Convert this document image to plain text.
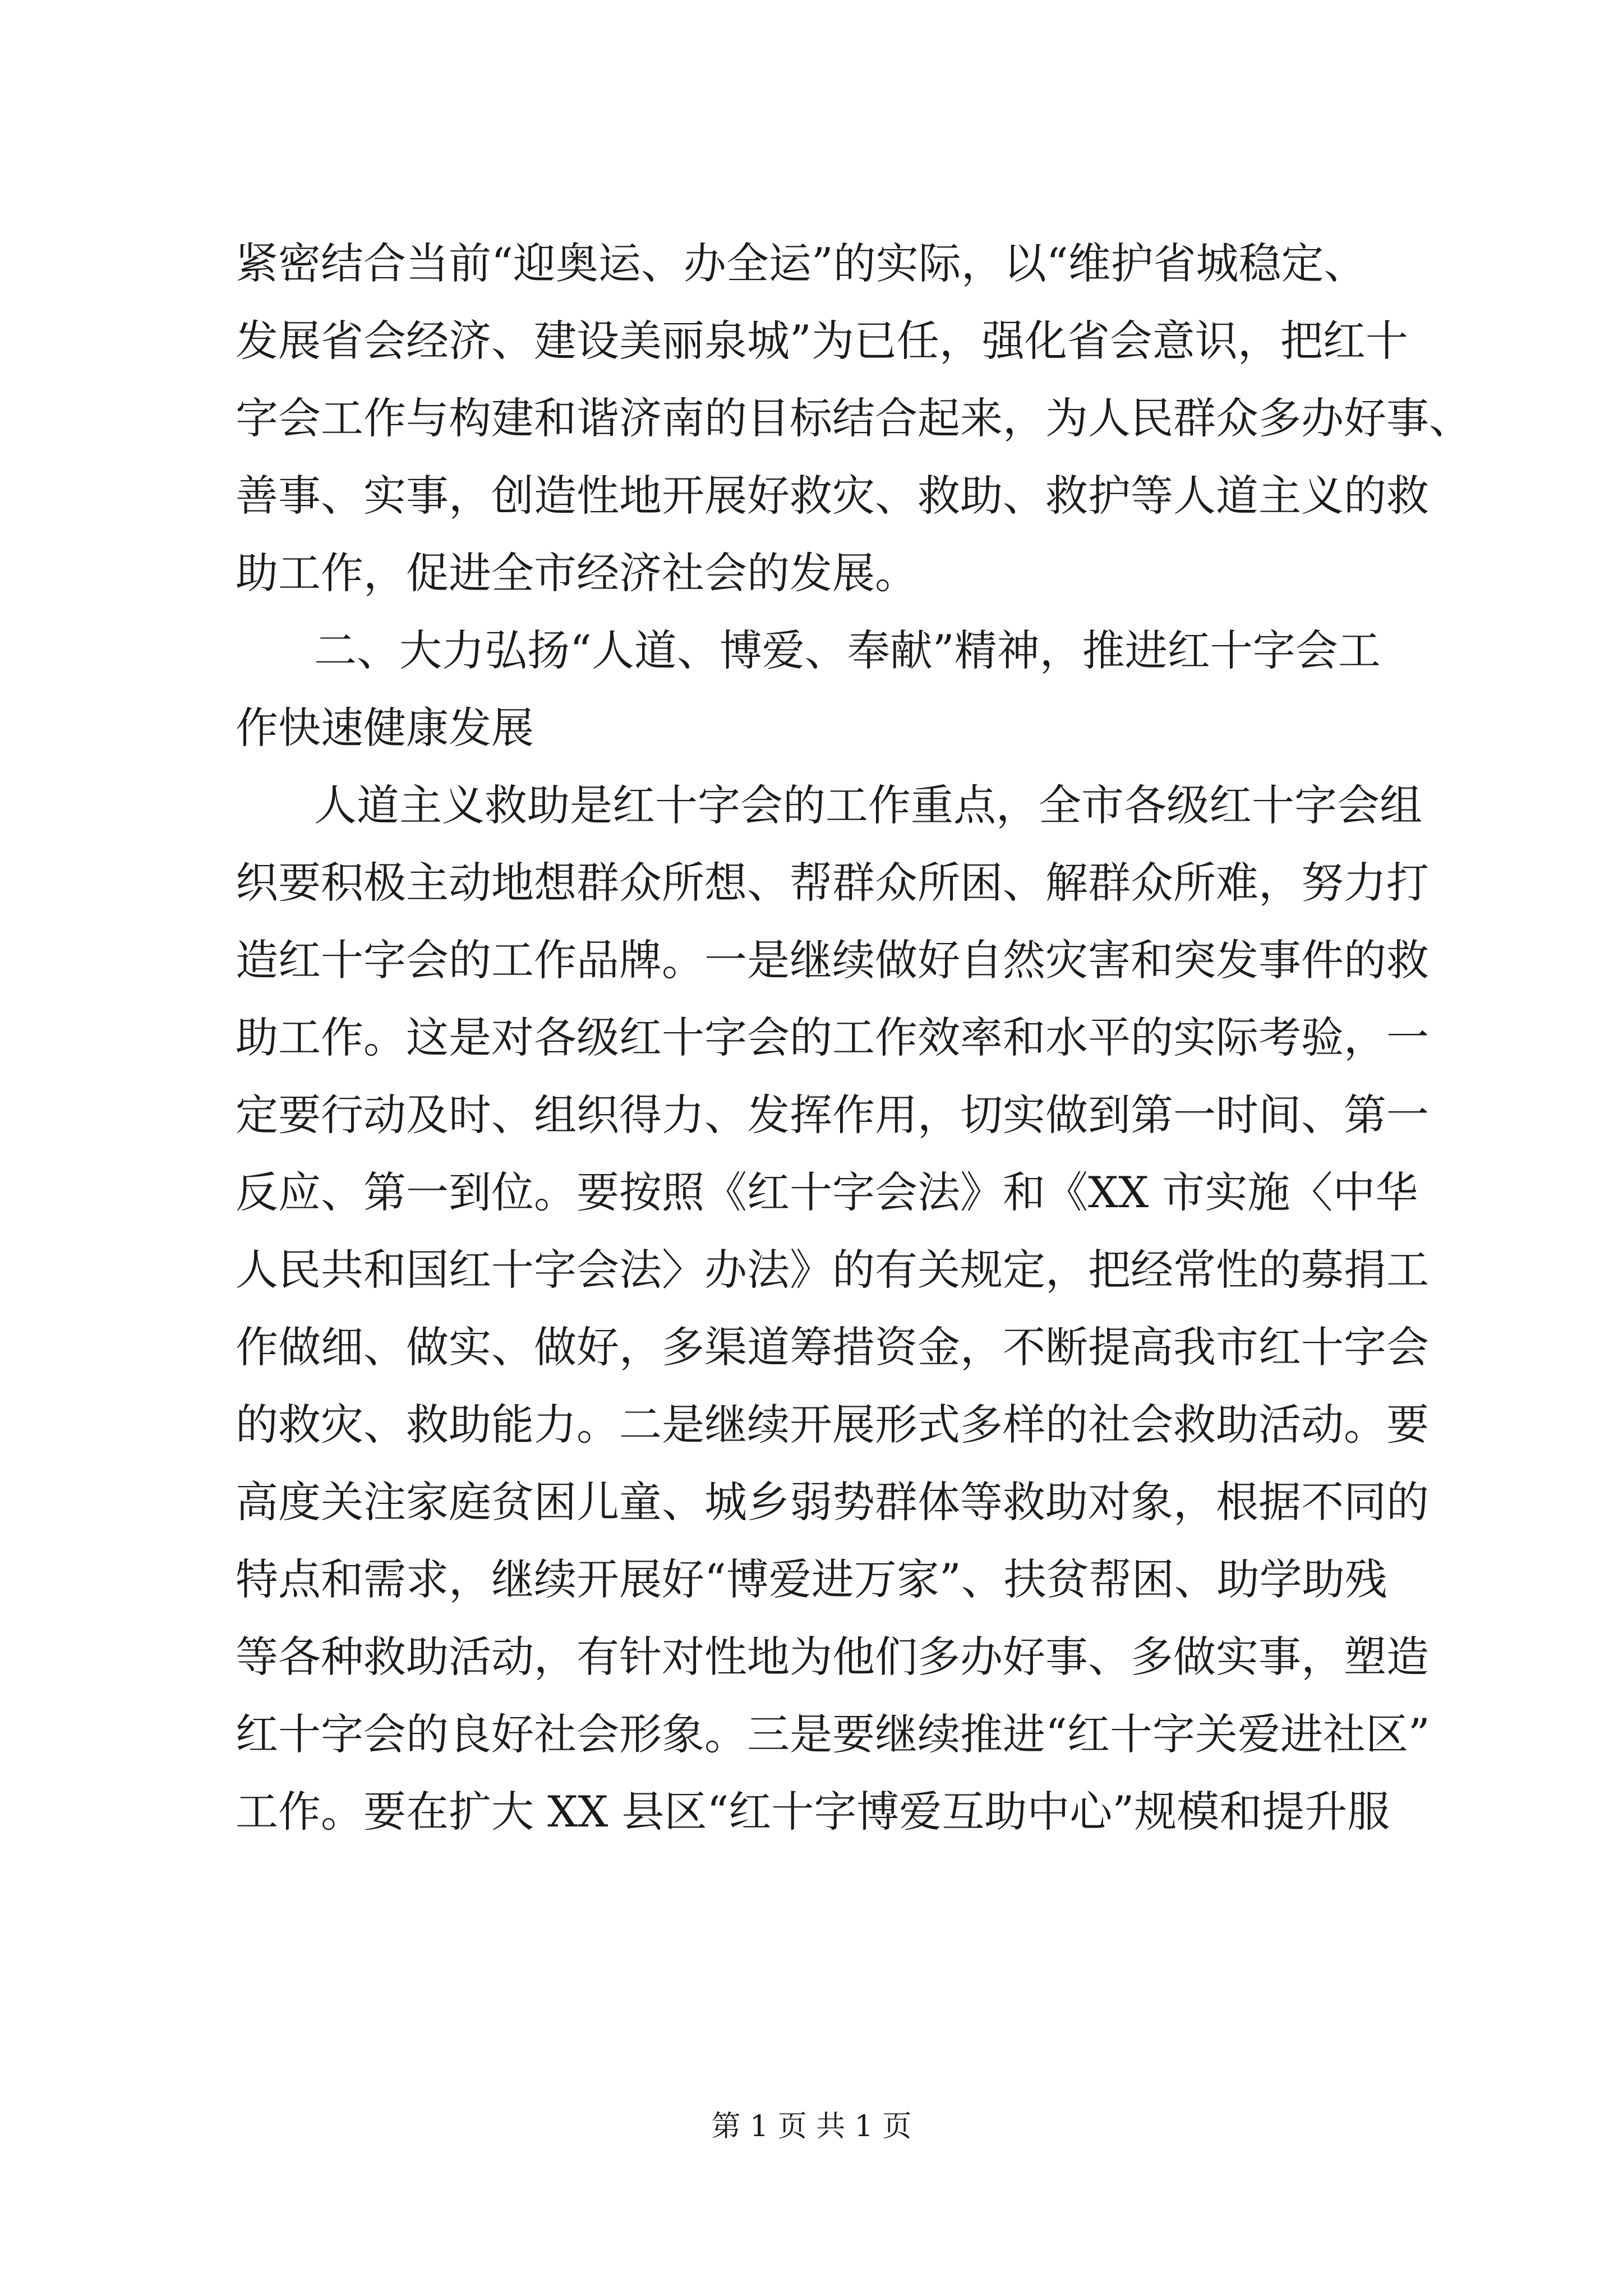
紧密结合当前“迎奥运、办全运”的实际，以“维护省城稳定、
发展省会经济、建设美丽泉城”为已任，强化省会意识，把红十
字会工作与构建和谐济南的目标结合起来，为人民群众多办好事、
善事、实事，创造性地开展好救灾、救助、救护等人道主义的救
助工作，促进全市经济社会的发展。
二、大力弘扬“人道、博爱、奉献”精神，推进红十字会工
作快速健康发展
人道主义救助是红十字会的工作重点，全市各级红十字会组
织要积极主动地想群众所想、帮群众所困、解群众所难，努力打
造红十字会的工作品牌。一是继续做好自然灾害和突发事件的救
助工作。这是对各级红十字会的工作效率和水平的实际考验，一
定要行动及时、组织得力、发挥作用，切实做到第一时间、第一
反应、第一到位。要按照《红十字会法》和《XX 市实施〈中华
人民共和国红十字会法〉办法》的有关规定，把经常性的募捐工
作做细、做实、做好，多渠道筹措资金，不断提高我市红十字会
的救灾、救助能力。二是继续开展形式多样的社会救助活动。要
高度关注家庭贫困儿童、城乡弱势群体等救助对象，根据不同的
特点和需求，继续开展好“博爱进万家”、扶贫帮困、助学助残
等各种救助活动，有针对性地为他们多办好事、多做实事，塑造
红十字会的良好社会形象。三是要继续推进“红十字关爱进社区”
工作。要在扩大 XX 县区“红十字博爱互助中心”规模和提升服
第 1 页 共 1 页
